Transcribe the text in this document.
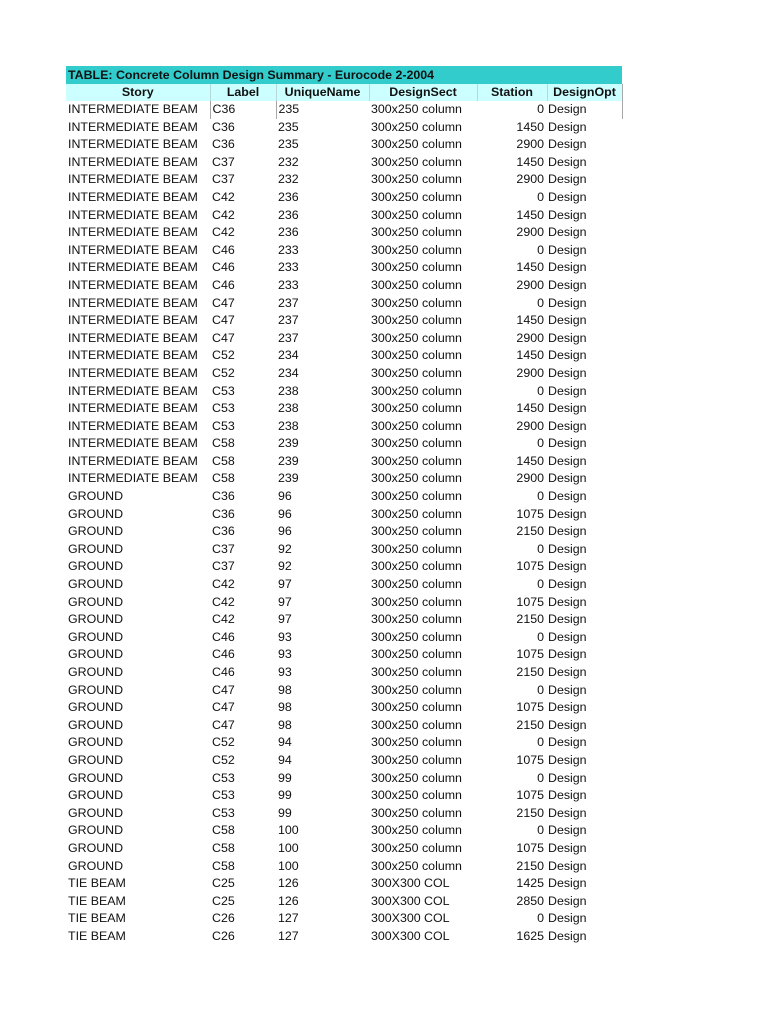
TABLE: Concrete Column Design Summary - Eurocode 2-2004
Story	Label	UniqueName	DesignSect	Station	DesignOpt
INTERMEDIATE BEAM	C36	235	300x250 column	0	Design
INTERMEDIATE BEAM	C36	235	300x250 column	1450	Design
INTERMEDIATE BEAM	C36	235	300x250 column	2900	Design
INTERMEDIATE BEAM	C37	232	300x250 column	1450	Design
INTERMEDIATE BEAM	C37	232	300x250 column	2900	Design
INTERMEDIATE BEAM	C42	236	300x250 column	0	Design
INTERMEDIATE BEAM	C42	236	300x250 column	1450	Design
INTERMEDIATE BEAM	C42	236	300x250 column	2900	Design
INTERMEDIATE BEAM	C46	233	300x250 column	0	Design
INTERMEDIATE BEAM	C46	233	300x250 column	1450	Design
INTERMEDIATE BEAM	C46	233	300x250 column	2900	Design
INTERMEDIATE BEAM	C47	237	300x250 column	0	Design
INTERMEDIATE BEAM	C47	237	300x250 column	1450	Design
INTERMEDIATE BEAM	C47	237	300x250 column	2900	Design
INTERMEDIATE BEAM	C52	234	300x250 column	1450	Design
INTERMEDIATE BEAM	C52	234	300x250 column	2900	Design
INTERMEDIATE BEAM	C53	238	300x250 column	0	Design
INTERMEDIATE BEAM	C53	238	300x250 column	1450	Design
INTERMEDIATE BEAM	C53	238	300x250 column	2900	Design
INTERMEDIATE BEAM	C58	239	300x250 column	0	Design
INTERMEDIATE BEAM	C58	239	300x250 column	1450	Design
INTERMEDIATE BEAM	C58	239	300x250 column	2900	Design
GROUND	C36	96	300x250 column	0	Design
GROUND	C36	96	300x250 column	1075	Design
GROUND	C36	96	300x250 column	2150	Design
GROUND	C37	92	300x250 column	0	Design
GROUND	C37	92	300x250 column	1075	Design
GROUND	C42	97	300x250 column	0	Design
GROUND	C42	97	300x250 column	1075	Design
GROUND	C42	97	300x250 column	2150	Design
GROUND	C46	93	300x250 column	0	Design
GROUND	C46	93	300x250 column	1075	Design
GROUND	C46	93	300x250 column	2150	Design
GROUND	C47	98	300x250 column	0	Design
GROUND	C47	98	300x250 column	1075	Design
GROUND	C47	98	300x250 column	2150	Design
GROUND	C52	94	300x250 column	0	Design
GROUND	C52	94	300x250 column	1075	Design
GROUND	C53	99	300x250 column	0	Design
GROUND	C53	99	300x250 column	1075	Design
GROUND	C53	99	300x250 column	2150	Design
GROUND	C58	100	300x250 column	0	Design
GROUND	C58	100	300x250 column	1075	Design
GROUND	C58	100	300x250 column	2150	Design
TIE BEAM	C25	126	300X300 COL	1425	Design
TIE BEAM	C25	126	300X300 COL	2850	Design
TIE BEAM	C26	127	300X300 COL	0	Design
TIE BEAM	C26	127	300X300 COL	1625	Design
